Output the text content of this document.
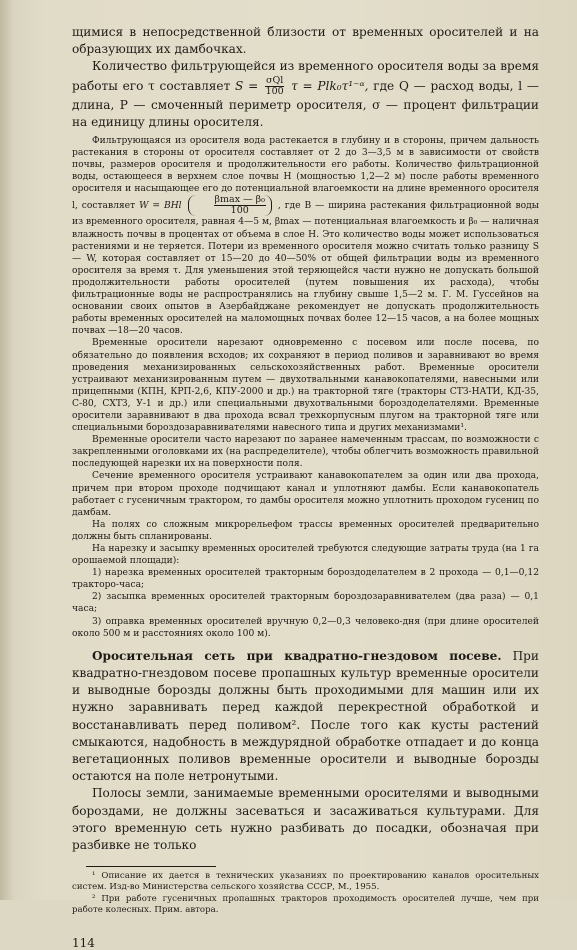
щимися в непосредственной близости от временных оросителей и на образующих их дамбочках.

Количество фильтрующейся из временного оросителя воды за время работы его τ составляет $S = \frac{\text{σQl}}{100}$ τ = Plk₀τ¹⁻ᵅ, где Q — расход воды, l — длина, P — смоченный периметр оросителя, σ — процент фильтрации на единицу длины оросителя.

Фильтрующаяся из оросителя вода растекается в глубину и в стороны, причем дальность растекания в стороны от оросителя составляет от 2 до 3—3,5 м в зависимости от свойств почвы, размеров оросителя и продолжительности его работы. Количество фильтрационной воды, остающееся в верхнем слое почвы H (мощностью 1,2—2 м) после работы временного оросителя и насыщающее его до потенциальной влагоемкости на длине временного оросителя l, составляет W = BHl	$\frac{\text{βmax — β₀}}{100}$ , где B — ширина растекания фильтрационной воды из временного оросителя, равная 4—5 м, βmax — потенциальная влагоемкость и β₀ — наличная влажность почвы в процентах от объема в слое H. Это количество воды может использоваться растениями и не теряется. Потери из временного оросителя можно считать только разницу S — W, которая составляет от 15—20 до 40—50% от общей фильтрации воды из временного оросителя за время τ. Для уменьшения этой теряющейся части нужно не допускать большой продолжительности работы оросителей (путем повышения их расхода), чтобы фильтрационные воды не распространялись на глубину свыше 1,5—2 м. Г. М. Гуссейнов на основании своих опытов в Азербайджане рекомендует не допускать продолжительность работы временных оросителей на маломощных почвах более 12—15 часов, а на более мощных почвах —18—20 часов.

Временные оросители нарезают одновременно с посевом или после посева, по обязательно до появления всходов; их сохраняют в период поливов и заравнивают во время проведения механизированных сельскохозяйственных работ. Временные оросители устраивают механизированным путем — двухотвальными канавокопателями, навесными или прицепными (КПН, КРП-2,6, КПУ-2000 и др.) на тракторной тяге (тракторы СТЗ-НАТИ, КД-35, С-80, СХТЗ, У-1 и др.) или специальными двухотвальными бороздоделателями. Временные оросители заравнивают в два прохода всвал трехкорпусным плугом на тракторной тяге или специальными бороздозаравнивателями навесного типа и других механизмами¹.

Временные оросители часто нарезают по заранее намеченным трассам, по возможности с закрепленными оголовками их (на распределителе), чтобы облегчить возможность правильной последующей нарезки их на поверхности поля.

Сечение временного оросителя устраивают канавокопателем за один или два прохода, причем при втором проходе подчищают канал и уплотняют дамбы. Если канавокопатель работает с гусеничным трактором, то дамбы оросителя можно уплотнить проходом гусениц по дамбам.

На полях со сложным микрорельефом трассы временных оросителей предварительно должны быть спланированы.

На нарезку и засыпку временных оросителей требуются следующие затраты труда (на 1 га орошаемой площади):

1) нарезка временных оросителей тракторным бороздоделателем в 2 прохода — 0,1—0,12 тракторо-часа;

2) засыпка временных оросителей тракторным бороздозаравнивателем (два раза) — 0,1 часа;

3) оправка временных оросителей вручную 0,2—0,3 человеко-дня (при длине оросителей около 500 м и расстояниях около 100 м).

Оросительная сеть при квадратно-гнездовом посеве. При квадратно-гнездовом посеве пропашных культур временные оросители и выводные борозды должны быть проходимыми для машин или их нужно заравнивать перед каждой перекрестной обработкой и восстанавливать перед поливом². После того как кусты растений смыкаются, надобность в междурядной обработке отпадает и до конца вегетационных поливов временные оросители и выводные борозды остаются на поле нетронутыми.

Полосы земли, занимаемые временными оросителями и выводными бороздами, не должны засеваться и засаживаться культурами. Для этого временную сеть нужно разбивать до посадки, обозначая при разбивке не только

¹ Описание их дается в технических указаниях по проектированию каналов оросительных систем. Изд-во Министерства сельского хозяйства СССР, М., 1955.

² При работе гусеничных пропашных тракторов проходимость оросителей лучше, чем при работе колесных. Прим. автора.

114
